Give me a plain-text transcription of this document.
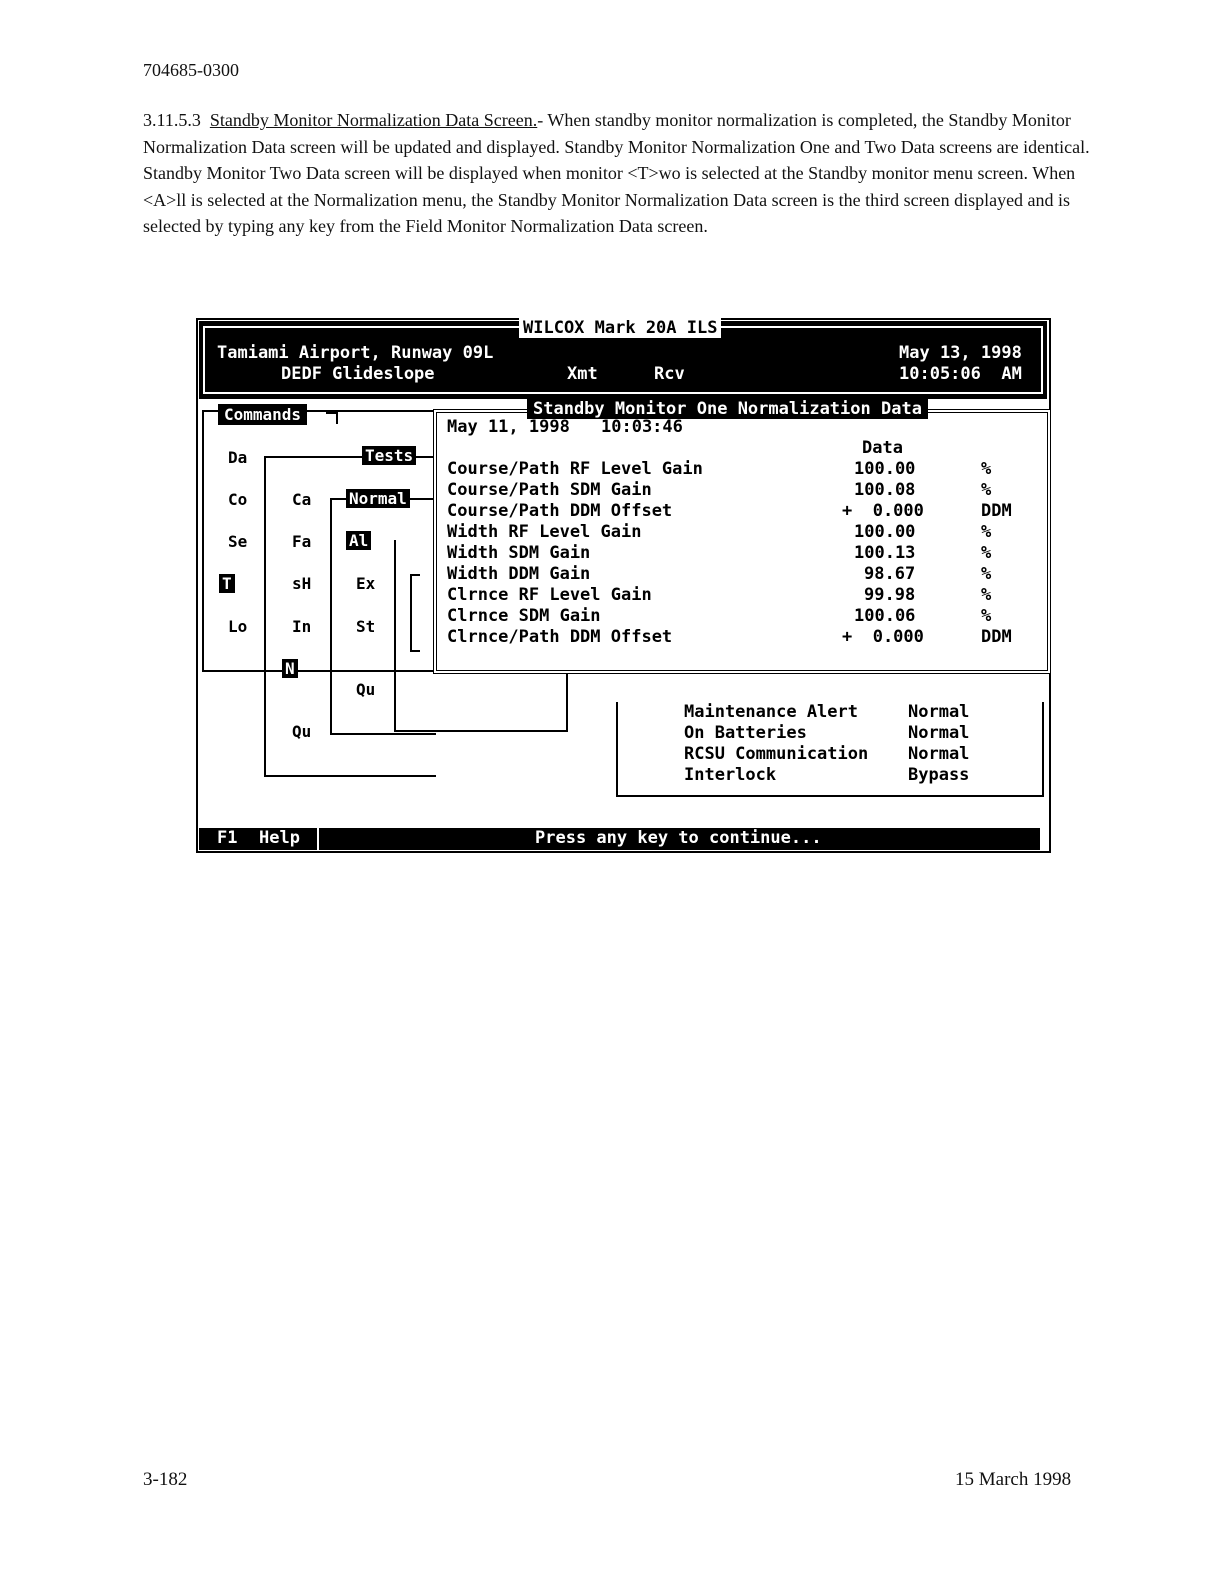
704685-0300

3.11.5.3 Standby Monitor Normalization Data Screen.- When standby monitor normalization is completed, the Standby Monitor Normalization Data screen will be updated and displayed. Standby Monitor Normalization One and Two Data screens are identical. Standby Monitor Two Data screen will be displayed when monitor <T>wo is selected at the Standby monitor menu screen. When <A>ll is selected at the Normalization menu, the Standby Monitor Normalization Data screen is the third screen displayed and is selected by typing any key from the Field Monitor Normalization Data screen.

WILCOX Mark 20A ILS
Tamiami Airport, Runway 09L
DEDF Glideslope	Xmt	Rcv
May 13, 1998
10:05:06  AM
Commands
Da
Co
Se
T
Lo
Tests
Ca
Fa
sH
In
N
Qu
Normal
Al
Ex
St
Qu
Standby Monitor One Normalization Data
May 11, 1998 10:03:46
Data
Course/Path RF Level Gain	100.00	%
Course/Path SDM Gain	100.08	%
Course/Path DDM Offset	+  0.000	DDM
Width RF Level Gain	100.00	%
Width SDM Gain	100.13	%
Width DDM Gain	98.67	%
Clrnce RF Level Gain	99.98	%
Clrnce SDM Gain	100.06	%
Clrnce/Path DDM Offset	+  0.000	DDM
Maintenance Alert	Normal
On Batteries	Normal
RCSU Communication Normal
Interlock	Bypass
F1 Help	Press any key to continue...
3-182	15 March 1998
